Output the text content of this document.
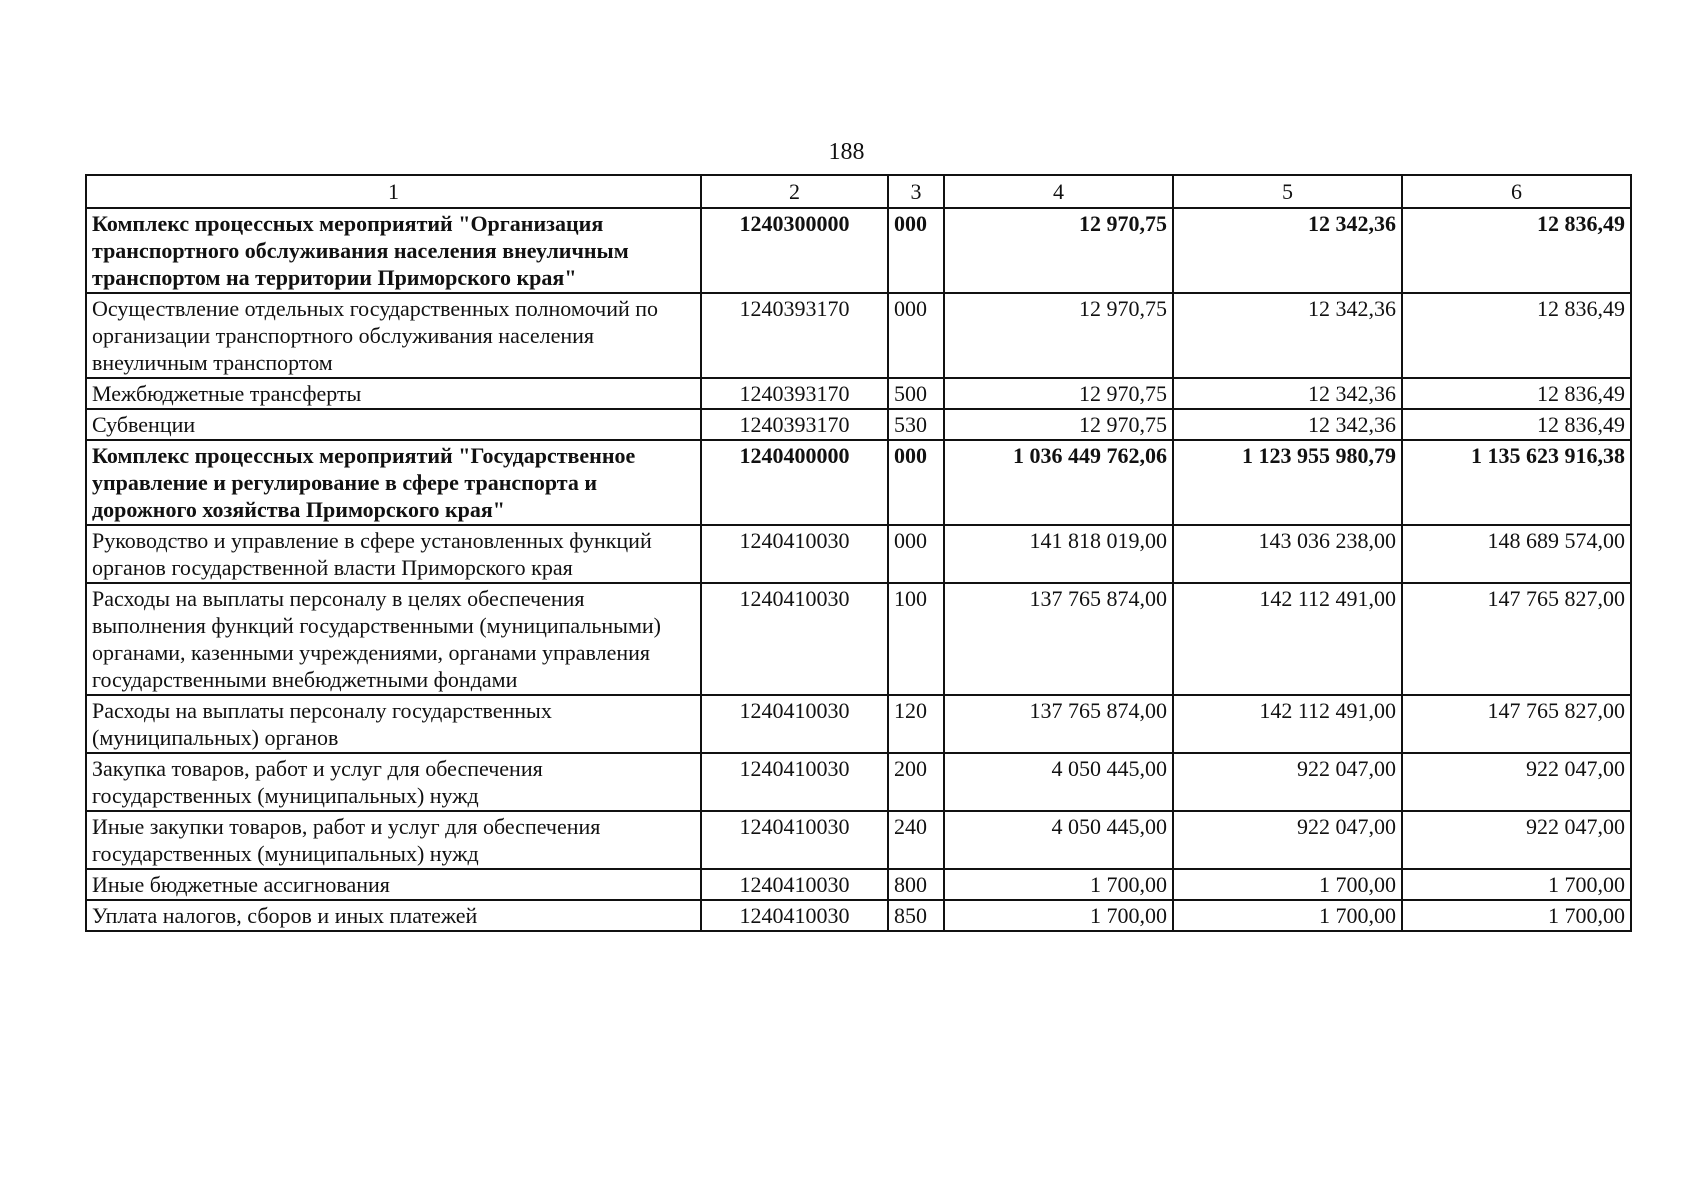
188
1	2	3	4	5	6
Комплекс процессных мероприятий "Организация транспортного обслуживания населения внеуличным транспортом на территории Приморского края"	1240300000	000	12 970,75	12 342,36	12 836,49
Осуществление отдельных государственных полномочий по организации транспортного обслуживания населения внеуличным транспортом	1240393170	000	12 970,75	12 342,36	12 836,49
Межбюджетные трансферты	1240393170	500	12 970,75	12 342,36	12 836,49
Субвенции	1240393170	530	12 970,75	12 342,36	12 836,49
Комплекс процессных мероприятий "Государственное управление и регулирование в сфере транспорта и дорожного хозяйства Приморского края"	1240400000	000	1 036 449 762,06	1 123 955 980,79	1 135 623 916,38
Руководство и управление в сфере установленных функций органов государственной власти Приморского края	1240410030	000	141 818 019,00	143 036 238,00	148 689 574,00
Расходы на выплаты персоналу в целях обеспечения выполнения функций государственными (муниципальными) органами, казенными учреждениями, органами управления государственными внебюджетными фондами	1240410030	100	137 765 874,00	142 112 491,00	147 765 827,00
Расходы на выплаты персоналу государственных (муниципальных) органов	1240410030	120	137 765 874,00	142 112 491,00	147 765 827,00
Закупка товаров, работ и услуг для обеспечения государственных (муниципальных) нужд	1240410030	200	4 050 445,00	922 047,00	922 047,00
Иные закупки товаров, работ и услуг для обеспечения государственных (муниципальных) нужд	1240410030	240	4 050 445,00	922 047,00	922 047,00
Иные бюджетные ассигнования	1240410030	800	1 700,00	1 700,00	1 700,00
Уплата налогов, сборов и иных платежей	1240410030	850	1 700,00	1 700,00	1 700,00
